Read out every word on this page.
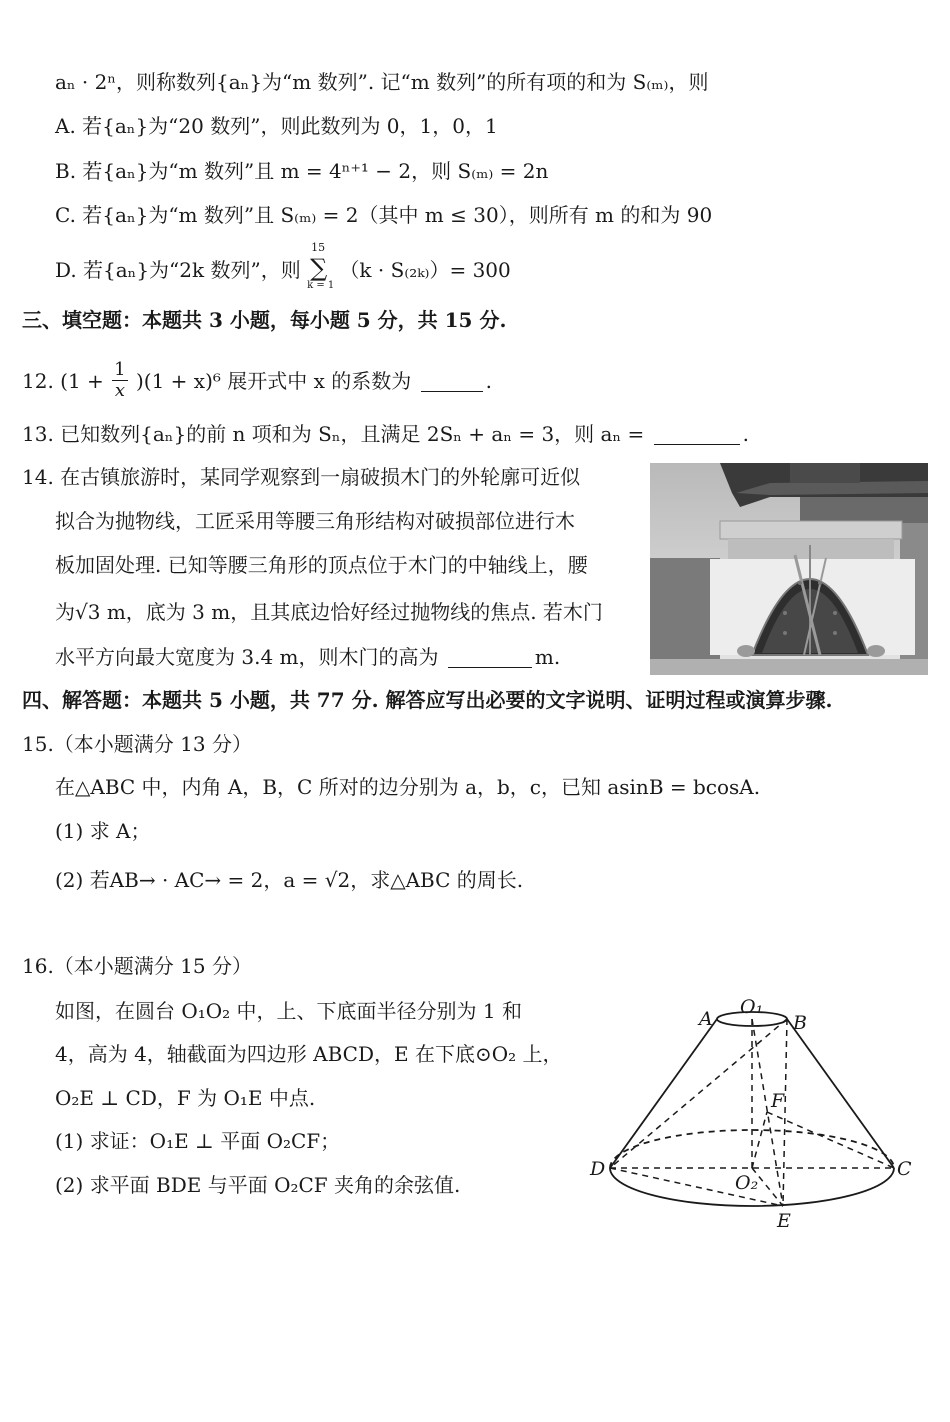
aₙ · 2ⁿ，则称数列{aₙ}为“m 数列”. 记“m 数列”的所有项的和为 S₍ₘ₎，则
A. 若{aₙ}为“20 数列”，则此数列为 0，1，0，1
B. 若{aₙ}为“m 数列”且 m = 4ⁿ⁺¹ − 2，则 S₍ₘ₎ = 2n
C. 若{aₙ}为“m 数列”且 S₍ₘ₎ = 2（其中 m ≤ 30），则所有 m 的和为 90
D. 若{aₙ}为“2k 数列”，则
15
∑
k = 1
（k · S₍₂ₖ₎）= 300
三、填空题：本题共 3 小题，每小题 5 分，共 15 分.
12. $(1 + \frac{1}{x} )(1 + x)^6$ 展开式中 x 的系数为	.
13. 已知数列{aₙ}的前 n 项和为 Sₙ，且满足 2Sₙ + aₙ = 3，则 aₙ =	.
14. 在古镇旅游时，某同学观察到一扇破损木门的外轮廓可近似
拟合为抛物线，工匠采用等腰三角形结构对破损部位进行木
板加固处理. 已知等腰三角形的顶点位于木门的中轴线上，腰
为√3 m，底为 3 m，且其底边恰好经过抛物线的焦点. 若木门
水平方向最大宽度为 3.4 m，则木门的高为	m.
四、解答题：本题共 5 小题，共 77 分. 解答应写出必要的文字说明、证明过程或演算步骤.
15.（本小题满分 13 分）
在△ABC 中，内角 A，B，C 所对的边分别为 a，b，c，已知 asinB = bcosA.
(1) 求 A；
(2) 若AB→ · AC→ = 2，a = √2，求△ABC 的周长.
16.（本小题满分 15 分）
如图，在圆台 O₁O₂ 中，上、下底面半径分别为 1 和
4，高为 4，轴截面为四边形 ABCD，E 在下底⊙O₂ 上，
O₂E ⊥ CD，F 为 O₁E 中点.
(1) 求证：O₁E ⊥ 平面 O₂CF；
(2) 求平面 BDE 与平面 O₂CF 夹角的余弦值.
A
O₁
B
F
D
O₂
C
E
